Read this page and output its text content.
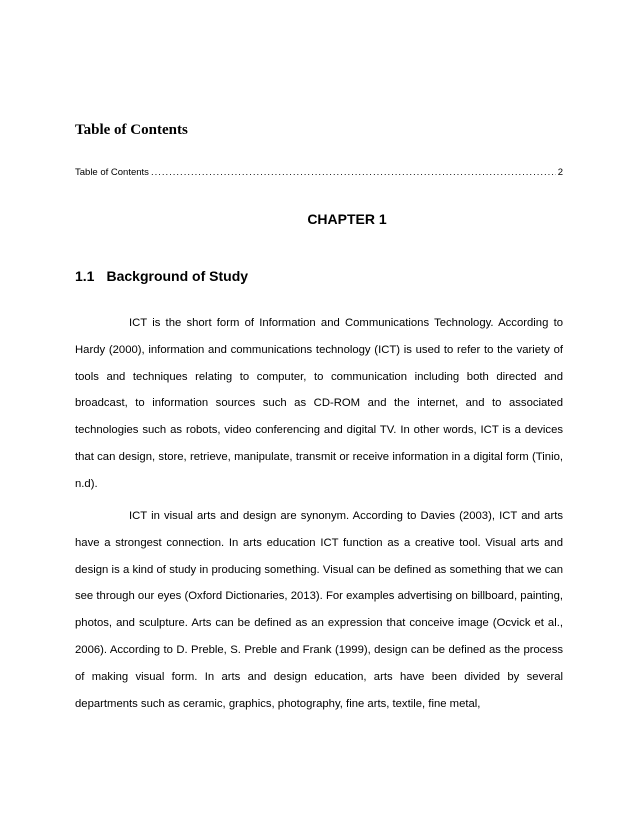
Table of Contents
Table of Contents
.....	2
CHAPTER 1
1.1 Background of Study

ICT is the short form of Information and Communications Technology. According to Hardy (2000), information and communications technology (ICT) is used to refer to the variety of tools and techniques relating to computer, to communication including both directed and broadcast, to information sources such as CD-ROM and the internet, and to associated technologies such as robots, video conferencing and digital TV. In other words, ICT is a devices that can design, store, retrieve, manipulate, transmit or receive information in a digital form (Tinio, n.d).

ICT in visual arts and design are synonym. According to Davies (2003), ICT and arts have a strongest connection. In arts education ICT function as a creative tool. Visual arts and design is a kind of study in producing something. Visual can be defined as something that we can see through our eyes (Oxford Dictionaries, 2013). For examples advertising on billboard, painting, photos, and sculpture. Arts can be defined as an expression that conceive image (Ocvick et al., 2006). According to D. Preble, S. Preble and Frank (1999), design can be defined as the process of making visual form. In arts and design education, arts have been divided by several departments such as ceramic, graphics, photography, fine arts, textile, fine metal,
